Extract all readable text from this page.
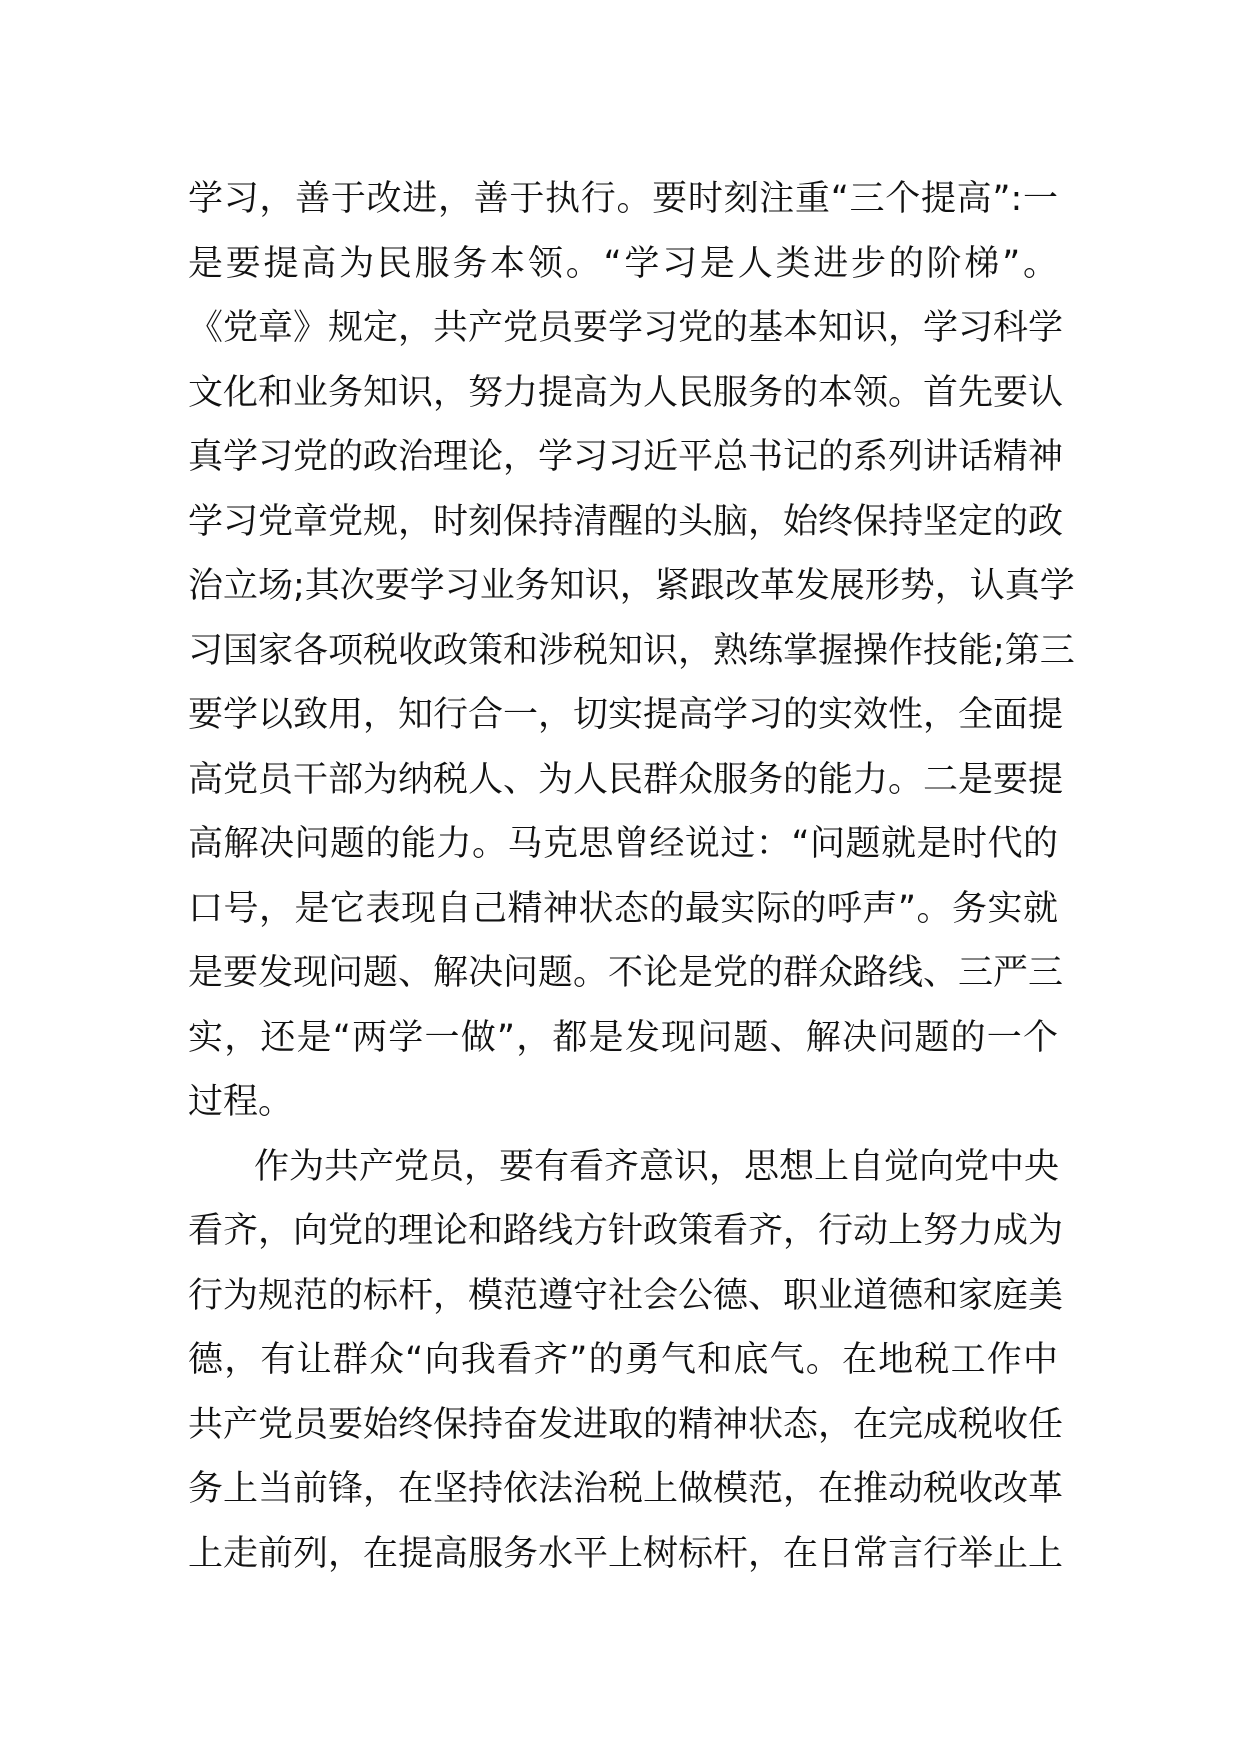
学习，善于改进，善于执行。要时刻注重“三个提高”:一
是要提高为民服务本领。“学习是人类进步的阶梯”。
《党章》规定，共产党员要学习党的基本知识，学习科学
文化和业务知识，努力提高为人民服务的本领。首先要认
真学习党的政治理论，学习习近平总书记的系列讲话精神
学习党章党规，时刻保持清醒的头脑，始终保持坚定的政
治立场;其次要学习业务知识，紧跟改革发展形势，认真学
习国家各项税收政策和涉税知识，熟练掌握操作技能;第三
要学以致用，知行合一，切实提高学习的实效性，全面提
高党员干部为纳税人、为人民群众服务的能力。二是要提
高解决问题的能力。马克思曾经说过：“问题就是时代的
口号，是它表现自己精神状态的最实际的呼声”。务实就
是要发现问题、解决问题。不论是党的群众路线、三严三
实，还是“两学一做”，都是发现问题、解决问题的一个
过程。
作为共产党员，要有看齐意识，思想上自觉向党中央
看齐，向党的理论和路线方针政策看齐，行动上努力成为
行为规范的标杆，模范遵守社会公德、职业道德和家庭美
德，有让群众“向我看齐”的勇气和底气。在地税工作中
共产党员要始终保持奋发进取的精神状态，在完成税收任
务上当前锋，在坚持依法治税上做模范，在推动税收改革
上走前列，在提高服务水平上树标杆，在日常言行举止上
